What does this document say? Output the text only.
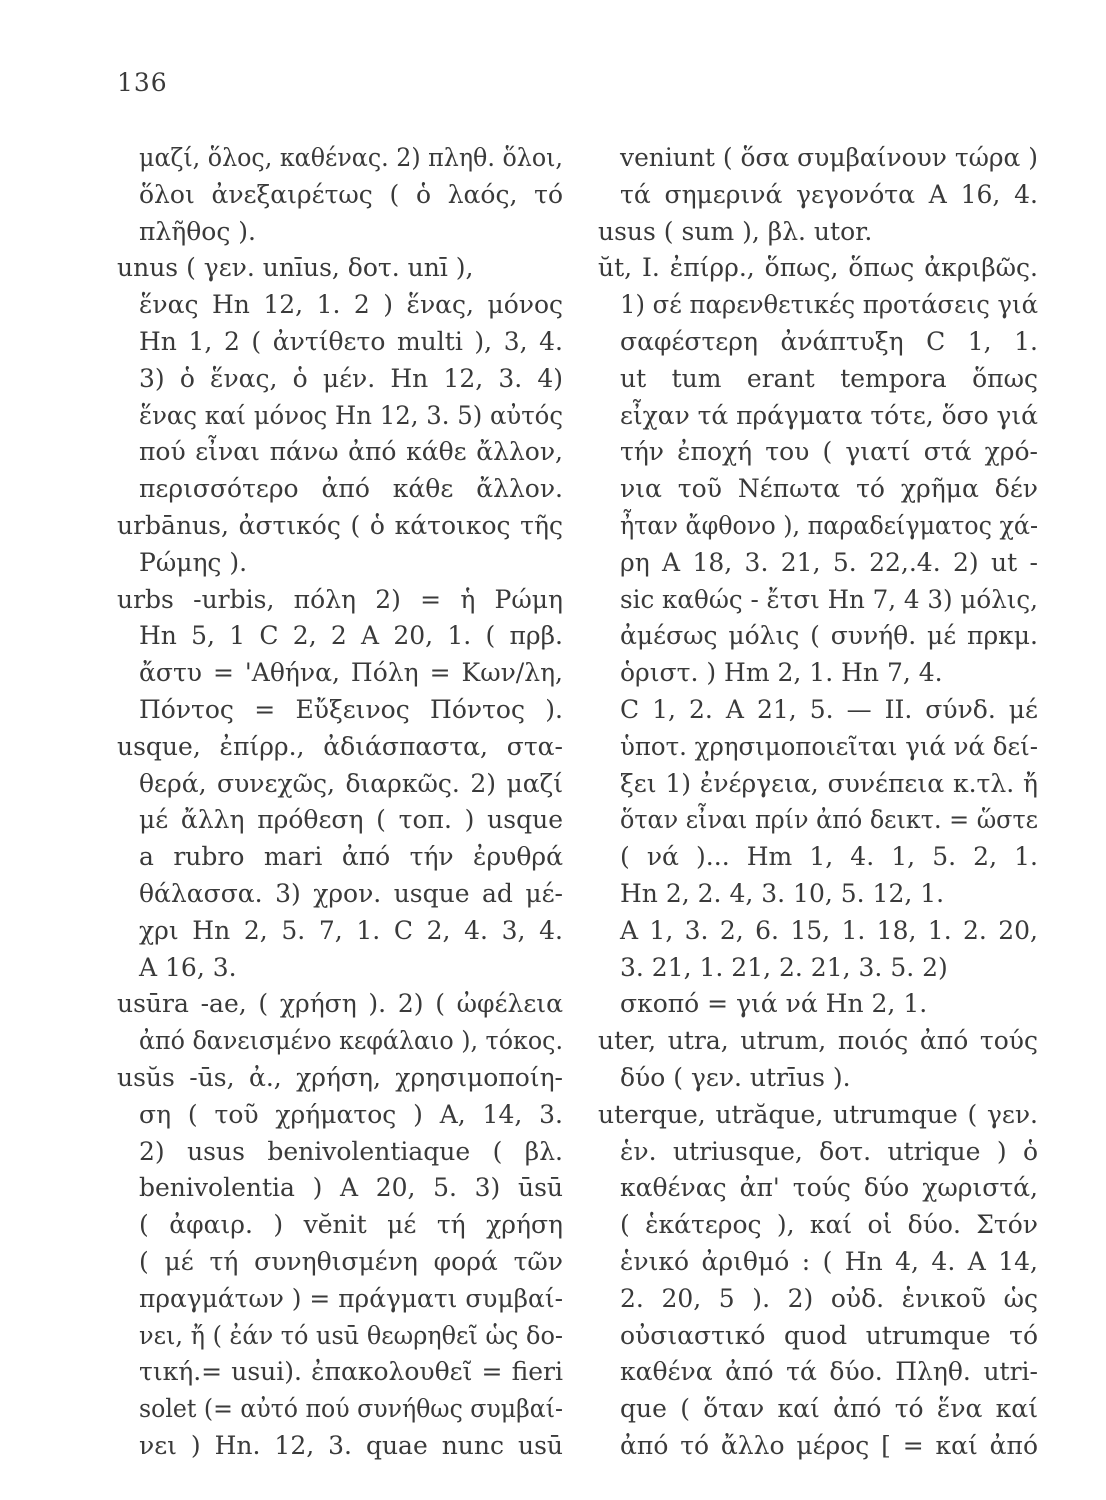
136
μαζί, ὅλος, καθένας. 2) πληθ. ὅλοι,
ὅλοι ἀνεξαιρέτως ( ὁ λαός, τό
πλῆθος ).
unus ( γεν. unīus, δοτ. unī ),
ἕνας Hn 12, 1. 2 ) ἕνας, μόνος
Hn 1, 2 ( ἀντίθετο multi ), 3, 4.
3) ὁ ἕνας, ὁ μέν. Hn 12, 3. 4)
ἕνας καί μόνος Hn 12, 3. 5) αὐτός
πού εἶναι πάνω ἀπό κάθε ἄλλον,
περισσότερο ἀπό κάθε ἄλλον.
urbānus, ἀστικός ( ὁ κάτοικος τῆς
Ρώμης ).
urbs -urbis, πόλη 2) = ἡ Ρώμη
Hn 5, 1 C 2, 2 A 20, 1. ( πρβ.
ἄστυ = 'Αθήνα, Πόλη = Κων/λη,
Πόντος = Εὔξεινος Πόντος ).
usque, ἐπίρρ., ἀδιάσπαστα, στα-
θερά, συνεχῶς, διαρκῶς. 2) μαζί
μέ ἄλλη πρόθεση ( τοπ. ) usque
a rubro mari ἀπό τήν ἐρυθρά
θάλασσα. 3) χρον. usque ad μέ-
χρι Hn 2, 5. 7, 1. C 2, 4. 3, 4.
A 16, 3.
usūra -ae, ( χρήση ). 2) ( ὠφέλεια
ἀπό δανεισμένο κεφάλαιο ), τόκος.
usŭs -ūs, ἀ., χρήση, χρησιμοποίη-
ση ( τοῦ χρήματος ) A, 14, 3.
2) usus benivolentiaque ( βλ.
benivolentia ) A 20, 5. 3) ūsū
( ἀφαιρ. ) vĕnit μέ τή χρήση
( μέ τή συνηθισμένη φορά τῶν
πραγμάτων ) = πράγματι συμβαί-
νει, ἤ ( ἐάν τό usū θεωρηθεῖ ὡς δο-
τική.= usui). ἐπακολουθεῖ = fieri
solet (= αὐτό πού συνήθως συμβαί-
νει ) Hn. 12, 3. quae nunc usū
veniunt ( ὅσα συμβαίνουν τώρα )
τά σημερινά γεγονότα A 16, 4.
usus ( sum ), βλ. utor.
ŭt, I. ἐπίρρ., ὅπως, ὅπως ἀκριβῶς.
1) σέ παρενθετικές προτάσεις γιά
σαφέστερη ἀνάπτυξη C 1, 1.
ut tum erant tempora ὅπως
εἶχαν τά πράγματα τότε, ὅσο γιά
τήν ἐποχή του ( γιατί στά χρό-
νια τοῦ Νέπωτα τό χρῆμα δέν
ἦταν ἄφθονο ), παραδείγματος χά-
ρη A 18, 3. 21, 5. 22,.4. 2) ut -
sic καθώς - ἔτσι Hn 7, 4 3) μόλις,
ἀμέσως μόλις ( συνήθ. μέ πρκμ.
ὁριστ. ) Hm 2, 1. Hn 7, 4.
C 1, 2. A 21, 5. — II. σύνδ. μέ
ὑποτ. χρησιμοποιεῖται γιά νά δεί-
ξει 1) ἐνέργεια, συνέπεια κ.τλ. ἤ
ὅταν εἶναι πρίν ἀπό δεικτ. = ὥστε
( νά )... Hm 1, 4. 1, 5. 2, 1.
Hn 2, 2. 4, 3. 10, 5. 12, 1.
A 1, 3. 2, 6. 15, 1. 18, 1. 2. 20,
3. 21, 1. 21, 2. 21, 3. 5. 2)
σκοπό = γιά νά Hn 2, 1.
uter, utra, utrum, ποιός ἀπό τούς
δύο ( γεν. utrīus ).
uterque, utrăque, utrumque ( γεν.
ἑν. utriusque, δοτ. utrique ) ὁ
καθένας ἀπ' τούς δύο χωριστά,
( ἑκάτερος ), καί οἱ δύο. Στόν
ἑνικό ἀριθμό : ( Hn 4, 4. A 14,
2. 20, 5 ). 2) οὐδ. ἑνικοῦ ὡς
οὐσιαστικό quod utrumque τό
καθένα ἀπό τά δύο. Πληθ. utri-
que ( ὅταν καί ἀπό τό ἕνα καί
ἀπό τό ἄλλο μέρος [ = καί ἀπό
